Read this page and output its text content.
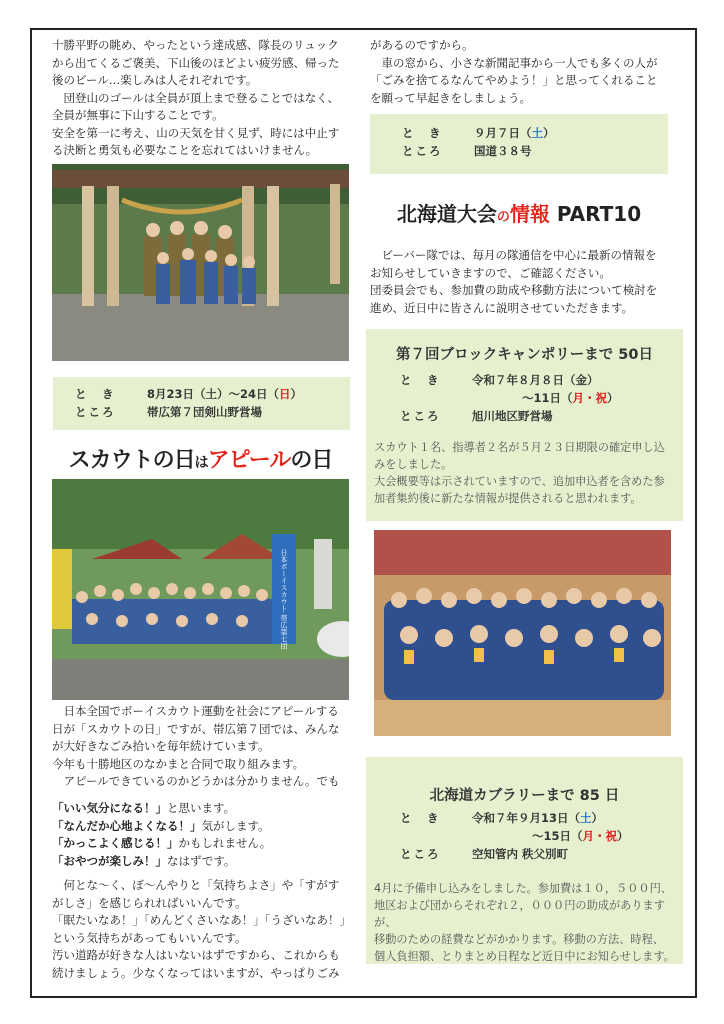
十勝平野の眺め、やったという達成感、隊長のリュック

から出てくるご褒美、下山後のほどよい疲労感、帰った

後のビール…楽しみは人それぞれです。

団登山のゴールは全員が頂上まで登ることではなく、

全員が無事に下山することです。

安全を第一に考え、山の天気を甘く見ず、時には中止す

る決断と勇気も必要なことを忘れてはいけません。

と　き	8月23日（土）～24日（日）
ところ	帯広第７団剣山野営場
スカウトの日はアピールの日
日本ボーイスカウト 帯広第七団

日本全国でボーイスカウト運動を社会にアピールする

日が「スカウトの日」ですが、帯広第７団では、みんな

が大好きなごみ拾いを毎年続けています。

今年も十勝地区のなかまと合同で取り組みます。

アピールできているのかどうかは分かりません。でも

「いい気分になる！」と思います。

「なんだか心地よくなる！」気がします。

「かっこよく感じる！」かもしれません。

「おやつが楽しみ！」なはずです。

何とな～く、ぼ～んやりと「気持ちよさ」や「すがす

がしさ」を感じられればいいんです。

「眠たいなあ！」「めんどくさいなあ！」「うざいなあ！」

という気持ちがあってもいいんです。

汚い道路が好きな人はいないはずですから、これからも

続けましょう。少なくなってはいますが、やっぱりごみ

があるのですから。

車の窓から、小さな新聞記事から一人でも多くの人が

「ごみを捨てるなんてやめよう！」と思ってくれること

を願って早起きをしましょう。

と　き	９月７日（土）
ところ	国道３８号
北海道大会の情報 PART10

ビーバー隊では、毎月の隊通信を中心に最新の情報を

お知らせしていきますので、ご確認ください。

団委員会でも、参加費の助成や移動方法について検討を

進め、近日中に皆さんに説明させていただきます。

第７回ブロックキャンポリーまで 50日
と　き	令和７年８月８日（金）
～11日（月・祝）
ところ	旭川地区野営場

スカウト１名、指導者２名が５月２３日期限の確定申し込

みをしました。

大会概要等は示されていますので、追加申込者を含めた参

加者集約後に新たな情報が提供されると思われます。

北海道カブラリーまで 85 日
と　き	令和７年９月13日（土）
～15日（月・祝）
ところ	空知管内 秩父別町

4月に予備申し込みをしました。参加費は１０，５００円、

地区および団からそれぞれ２，０００円の助成がありますが、

移動のための経費などがかかります。移動の方法、時程、

個人負担額、とりまとめ日程など近日中にお知らせします。
